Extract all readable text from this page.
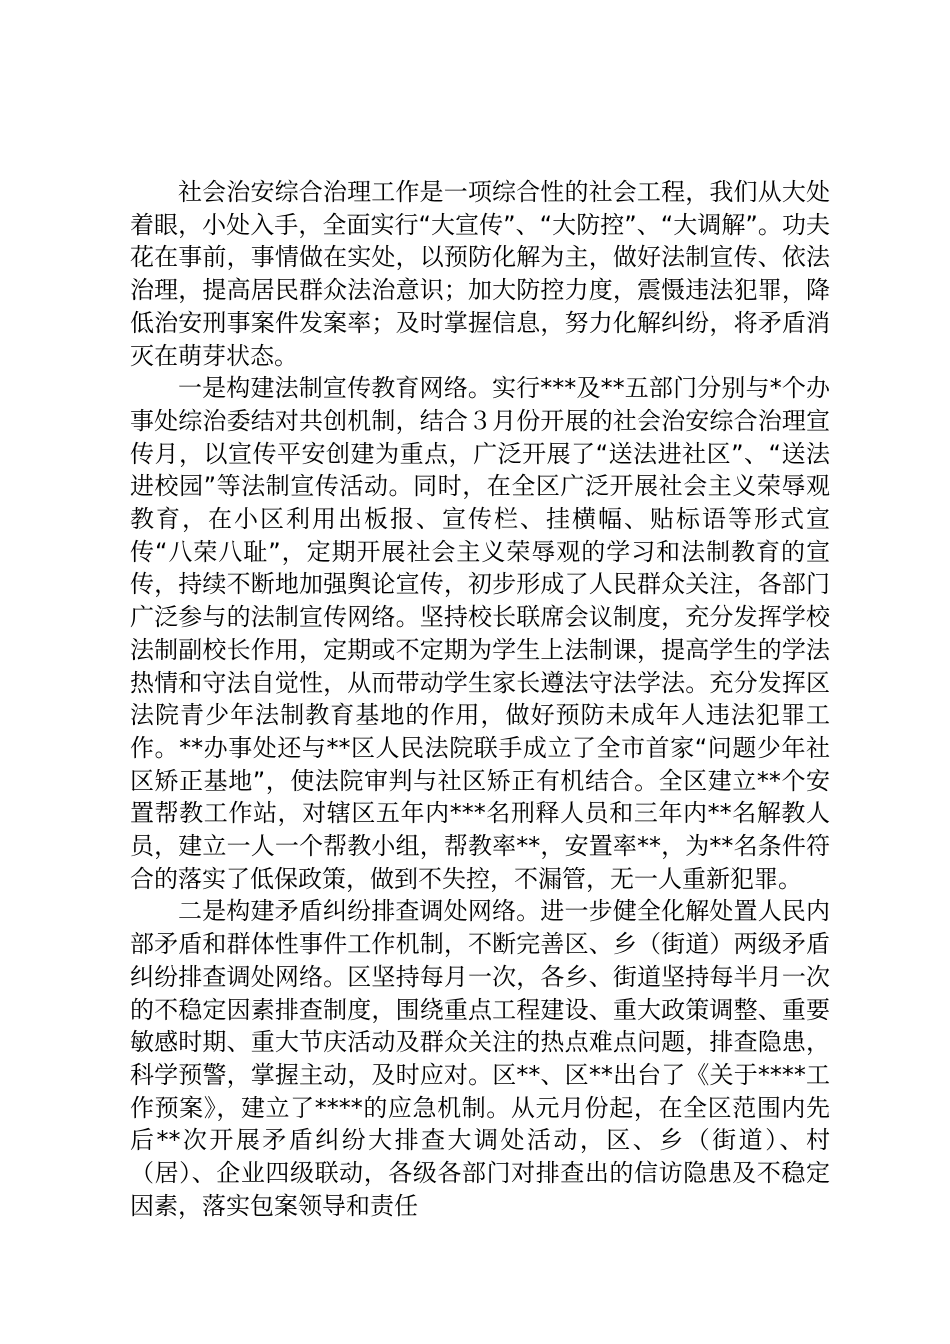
社会治安综合治理工作是一项综合性的社会工程，我们从大处着眼，小处入手，全面实行“大宣传”、“大防控”、“大调解”。功夫花在事前，事情做在实处，以预防化解为主，做好法制宣传、依法治理，提高居民群众法治意识；加大防控力度，震慑违法犯罪，降低治安刑事案件发案率；及时掌握信息，努力化解纠纷，将矛盾消灭在萌芽状态。

一是构建法制宣传教育网络。实行***及**五部门分别与*个办事处综治委结对共创机制，结合３月份开展的社会治安综合治理宣传月，以宣传平安创建为重点，广泛开展了“送法进社区”、“送法进校园”等法制宣传活动。同时，在全区广泛开展社会主义荣辱观教育，在小区利用出板报、宣传栏、挂横幅、贴标语等形式宣传“八荣八耻”，定期开展社会主义荣辱观的学习和法制教育的宣传，持续不断地加强舆论宣传，初步形成了人民群众关注，各部门广泛参与的法制宣传网络。坚持校长联席会议制度，充分发挥学校法制副校长作用，定期或不定期为学生上法制课，提高学生的学法热情和守法自觉性，从而带动学生家长遵法守法学法。充分发挥区法院青少年法制教育基地的作用，做好预防未成年人违法犯罪工作。**办事处还与**区人民法院联手成立了全市首家“问题少年社区矫正基地”，使法院审判与社区矫正有机结合。全区建立**个安置帮教工作站，对辖区五年内***名刑释人员和三年内**名解教人员，建立一人一个帮教小组，帮教率**，安置率**，为**名条件符合的落实了低保政策，做到不失控，不漏管，无一人重新犯罪。

二是构建矛盾纠纷排查调处网络。进一步健全化解处置人民内部矛盾和群体性事件工作机制，不断完善区、乡（街道）两级矛盾纠纷排查调处网络。区坚持每月一次，各乡、街道坚持每半月一次的不稳定因素排查制度，围绕重点工程建设、重大政策调整、重要敏感时期、重大节庆活动及群众关注的热点难点问题，排查隐患，科学预警，掌握主动，及时应对。区**、区**出台了《关于****工作预案》，建立了****的应急机制。从元月份起，在全区范围内先后**次开展矛盾纠纷大排查大调处活动，区、乡（街道）、村（居）、企业四级联动，各级各部门对排查出的信访隐患及不稳定因素，落实包案领导和责任
